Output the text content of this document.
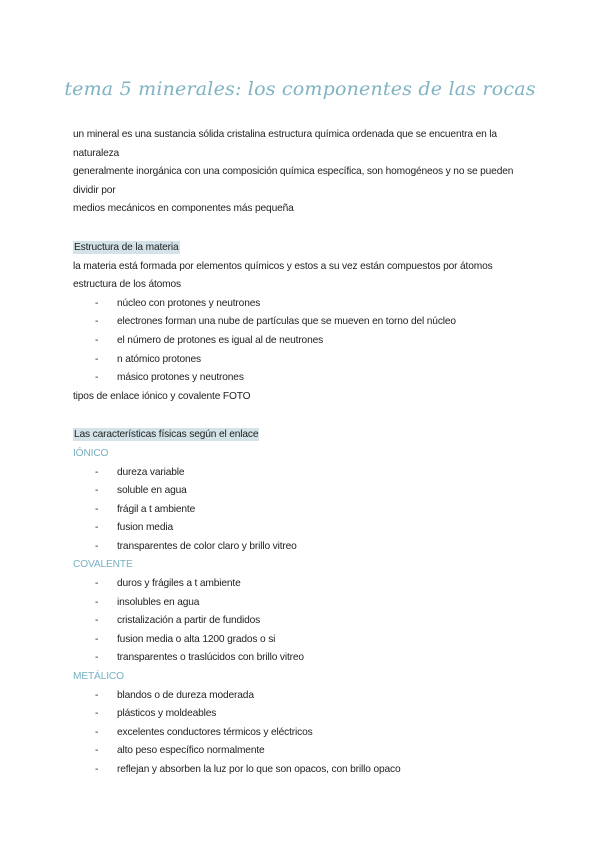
tema 5 minerales: los componentes de las rocas

un mineral es una sustancia sólida cristalina estructura química ordenada que se encuentra en la naturaleza

generalmente inorgánica con una composición química específica, son homogéneos y no se pueden dividir por

medios mecánicos en componentes más pequeña

Estructura de la materia

la materia está formada por elementos químicos y estos a su vez están compuestos por átomos

estructura de los átomos

- núcleo con protones y neutrones
- electrones forman una nube de partículas que se mueven en torno del núcleo
- el número de protones es igual al de neutrones
- n atómico protones
- másico protones y neutrones

tipos de enlace iónico y covalente FOTO

Las características físicas según el enlace

IÓNICO

- dureza variable
- soluble en agua
- frágil a t ambiente
- fusion media
- transparentes de color claro y brillo vitreo

COVALENTE

- duros y frágiles a t ambiente
- insolubles en agua
- cristalización a partir de fundidos
- fusion media o alta 1200 grados o si
- transparentes o traslúcidos con brillo vitreo

METÁLICO

- blandos o de dureza moderada
- plásticos y moldeables
- excelentes conductores térmicos y eléctricos
- alto peso específico normalmente
- reflejan y absorben la luz por lo que son opacos, con brillo opaco
